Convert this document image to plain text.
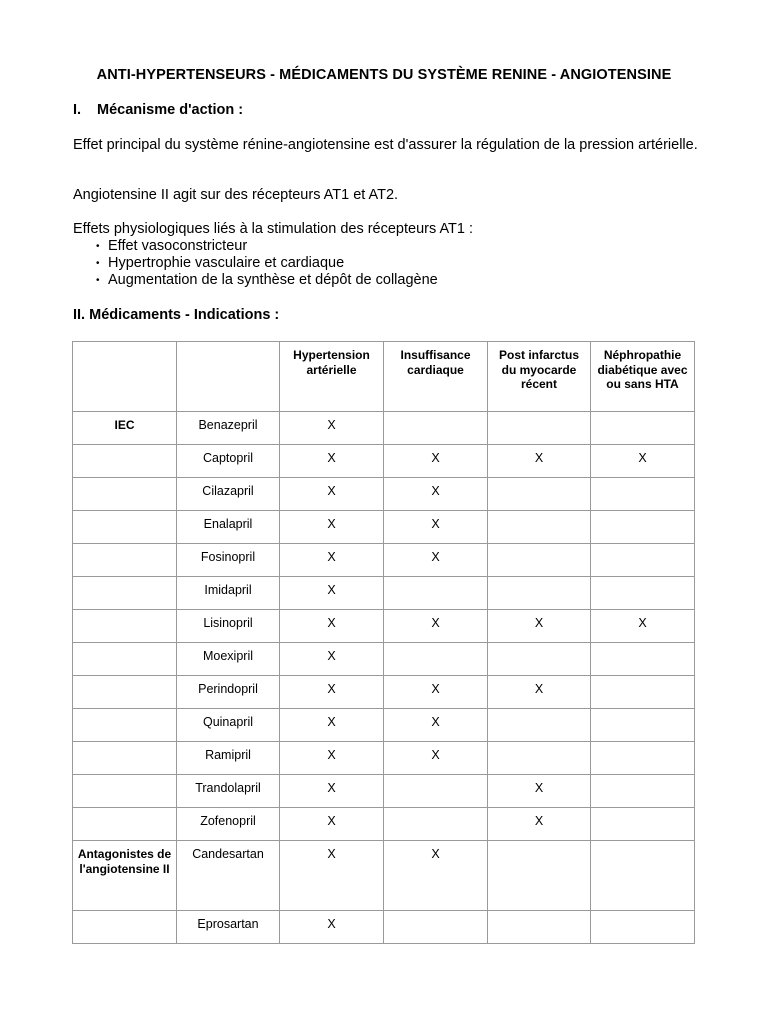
ANTI-HYPERTENSEURS - MÉDICAMENTS DU SYSTÈME RENINE - ANGIOTENSINE
I. Mécanisme d'action :
Effet principal du système rénine-angiotensine est d'assurer la régulation de la pression artérielle.
Angiotensine II agit sur des récepteurs AT1 et AT2.
Effets physiologiques liés à la stimulation des récepteurs AT1 :
• Effet vasoconstricteur
• Hypertrophie vasculaire et cardiaque
• Augmentation de la synthèse et dépôt de collagène
II. Médicaments - Indications :
		Hypertension artérielle	Insuffisance cardiaque	Post infarctus du myocarde récent	Néphropathie diabétique avec ou sans HTA
IEC	Benazepril	X			
	Captopril	X	X	X	X
	Cilazapril	X	X		
	Enalapril	X	X		
	Fosinopril	X	X		
	Imidapril	X			
	Lisinopril	X	X	X	X
	Moexipril	X			
	Perindopril	X	X	X	
	Quinapril	X	X		
	Ramipril	X	X		
	Trandolapril	X		X	
	Zofenopril	X		X	
Antagonistes de l'angiotensine II	Candesartan	X	X		
	Eprosartan	X			
